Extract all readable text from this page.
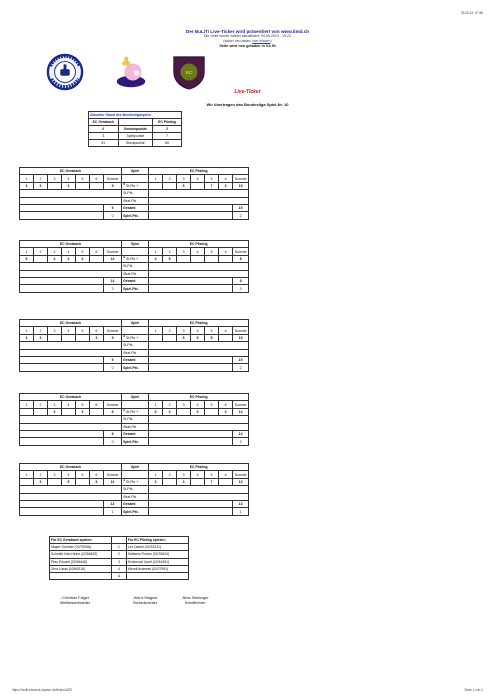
03.06.19, 07:58
Der BuLiTi Live-Ticker wird präsentiert von www.timd.ch
Die Seite wurde zuletzt aktualisiert: 04.05.2019 - 19:22
(sofort neu laden: hier klicken)
Seite wird neu geladen in 01:30
EC
Live-Ticker
Wir übertragen das Bundesliga Spiel-Nr. 10
Aktueller Stand des Bundesligaspiels:		
EC Gerabach		EC Pilsting
0	Gewinnpunkte	2
3	Spielpunkte	7
51	Stockpunkte	65
EC Gerabach							Spiel	EC Pilsting						
1	2	3	4	5	6	Summe		1	2	3	4	5	6	Summe
3	3		3			9	5 St-Pkt +			5		7	3	15
							St-Pkt -							
							Straf-Pkt							
						9	Gesamt							15
						0	Spiel-Pkt.							2
EC Gerabach							Spiel	EC Pilsting						
1	2	3	4	5	6	Summe		1	2	3	4	5	6	Summe
5		3	3	3		14	4 St-Pkt +	3	5					8
							St-Pkt -							
							Straf-Pkt							
						14	Gesamt							8
						2	Spiel-Pkt.							0
EC Gerabach							Spiel	EC Pilsting						
1	2	3	4	5	6	Summe		1	2	3	4	5	6	Summe
3	3				3	9	3 St-Pkt +			5	5	5		15
							St-Pkt -							
							Straf-Pkt							
						9	Gesamt							15
						0	Spiel-Pkt.							2
EC Gerabach							Spiel	EC Pilsting						
1	2	3	4	5	6	Summe		1	2	3	4	5	6	Summe
		3		3		6	2 St-Pkt +	5	3		3		3	14
							St-Pkt -							
							Straf-Pkt							
						6	Gesamt							14
						0	Spiel-Pkt.							2
EC Gerabach							Spiel	EC Pilsting						
1	2	3	4	5	6	Summe		1	2	3	4	5	6	Summe
	3		5		5	13	1 St-Pkt +	3		3		7		13
							St-Pkt -							
							Straf-Pkt							
						13	Gesamt							13
						1	Spiel-Pkt.							1
Für EC Gerabach spielen:		Für EC Pilsting spielen:
Mayer Günther (02/70056)	1	Lex Daniel (02/33231)
Schedlo Karl-Heinz (02/56632)	2	Sattweis Florian (02/33624)
Pfau Eduard (02/64648)	3	Schimnad Josef (02/61651)
Zent Lukas (02/66316)	4	Wendt Andreas (02/27991)
	A	
-Christian Folger
Wettbewerbsleiter
-Heinz Wagner
Schiedsrichter
-Nina Steininger
Schriftführer
https://buliti.eisstock-bayern.de/ticker/id/32	Seite 1 von 1
